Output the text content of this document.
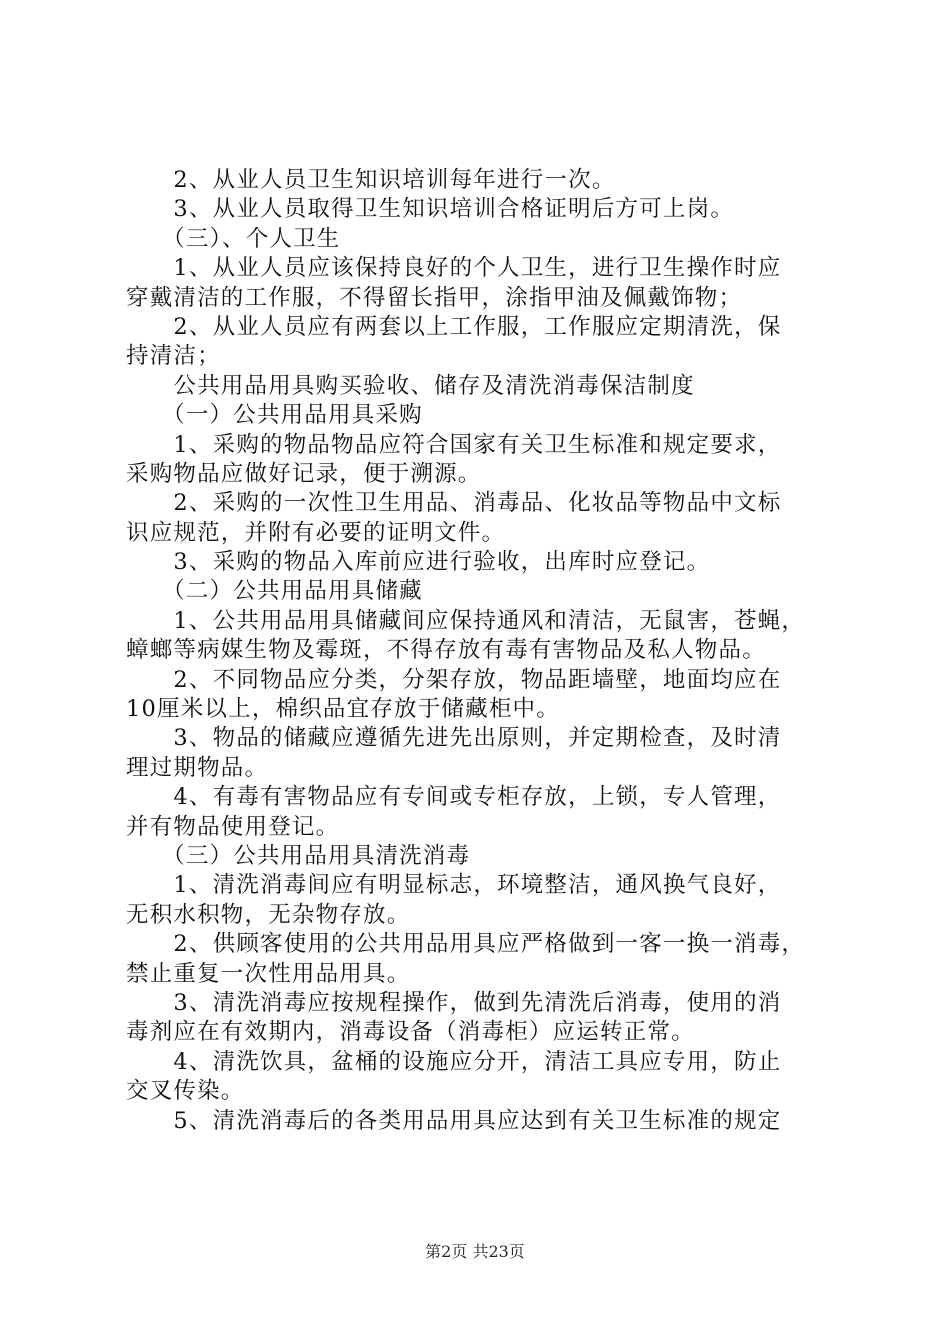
　　2、从业人员卫生知识培训每年进行一次。
　　3、从业人员取得卫生知识培训合格证明后方可上岗。
　　（三）、个人卫生
　　1、从业人员应该保持良好的个人卫生，进行卫生操作时应
穿戴清洁的工作服，不得留长指甲，涂指甲油及佩戴饰物；
　　2、从业人员应有两套以上工作服，工作服应定期清洗，保
持清洁；
　　公共用品用具购买验收、储存及清洗消毒保洁制度
　　（一）公共用品用具采购
　　1、采购的物品物品应符合国家有关卫生标准和规定要求，
采购物品应做好记录，便于溯源。
　　2、采购的一次性卫生用品、消毒品、化妆品等物品中文标
识应规范，并附有必要的证明文件。
　　3、采购的物品入库前应进行验收，出库时应登记。
　　（二）公共用品用具储藏
　　1、公共用品用具储藏间应保持通风和清洁，无鼠害，苍蝇，
蟑螂等病媒生物及霉斑，不得存放有毒有害物品及私人物品。
　　2、不同物品应分类，分架存放，物品距墙壁，地面均应在
10厘米以上，棉织品宜存放于储藏柜中。
　　3、物品的储藏应遵循先进先出原则，并定期检查，及时清
理过期物品。
　　4、有毒有害物品应有专间或专柜存放，上锁，专人管理，
并有物品使用登记。
　　（三）公共用品用具清洗消毒
　　1、清洗消毒间应有明显标志，环境整洁，通风换气良好，
无积水积物，无杂物存放。
　　2、供顾客使用的公共用品用具应严格做到一客一换一消毒，
禁止重复一次性用品用具。
　　3、清洗消毒应按规程操作，做到先清洗后消毒，使用的消
毒剂应在有效期内，消毒设备（消毒柜）应运转正常。
　　4、清洗饮具，盆桶的设施应分开，清洁工具应专用，防止
交叉传染。
　　5、清洗消毒后的各类用品用具应达到有关卫生标准的规定
第2页 共23页
